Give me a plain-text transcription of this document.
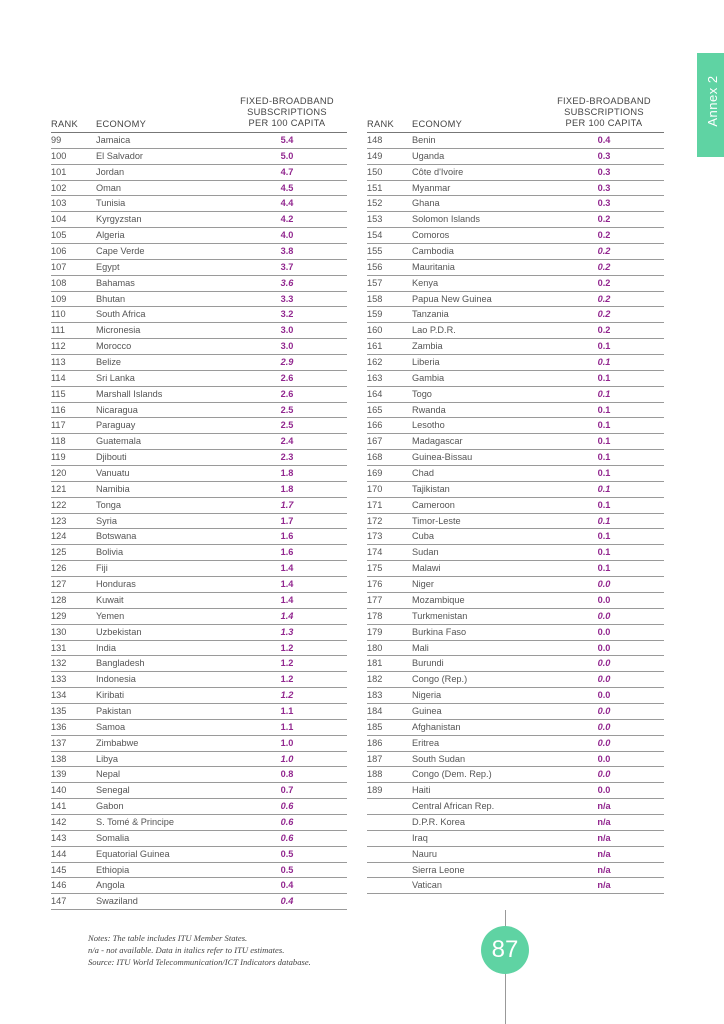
Annex 2
RANK ECONOMY
FIXED-BROADBAND
SUBSCRIPTIONS
PER 100 CAPITA
99	Jamaica	5.4
100	El Salvador	5.0
101	Jordan	4.7
102	Oman	4.5
103	Tunisia	4.4
104	Kyrgyzstan	4.2
105	Algeria	4.0
106	Cape Verde	3.8
107	Egypt	3.7
108	Bahamas	3.6
109	Bhutan	3.3
110	South Africa	3.2
111	Micronesia	3.0
112	Morocco	3.0
113	Belize	2.9
114	Sri Lanka	2.6
115	Marshall Islands	2.6
116	Nicaragua	2.5
117	Paraguay	2.5
118	Guatemala	2.4
119	Djibouti	2.3
120	Vanuatu	1.8
121	Namibia	1.8
122	Tonga	1.7
123	Syria	1.7
124	Botswana	1.6
125	Bolivia	1.6
126	Fiji	1.4
127	Honduras	1.4
128	Kuwait	1.4
129	Yemen	1.4
130	Uzbekistan	1.3
131	India	1.2
132	Bangladesh	1.2
133	Indonesia	1.2
134	Kiribati	1.2
135	Pakistan	1.1
136	Samoa	1.1
137	Zimbabwe	1.0
138	Libya	1.0
139	Nepal	0.8
140	Senegal	0.7
141	Gabon	0.6
142	S. Tomé & Principe	0.6
143	Somalia	0.6
144	Equatorial Guinea	0.5
145	Ethiopia	0.5
146	Angola	0.4
147	Swaziland	0.4
RANK ECONOMY
FIXED-BROADBAND
SUBSCRIPTIONS
PER 100 CAPITA
148	Benin	0.4
149	Uganda	0.3
150	Côte d'Ivoire	0.3
151	Myanmar	0.3
152	Ghana	0.3
153	Solomon Islands	0.2
154	Comoros	0.2
155	Cambodia	0.2
156	Mauritania	0.2
157	Kenya	0.2
158	Papua New Guinea	0.2
159	Tanzania	0.2
160	Lao P.D.R.	0.2
161	Zambia	0.1
162	Liberia	0.1
163	Gambia	0.1
164	Togo	0.1
165	Rwanda	0.1
166	Lesotho	0.1
167	Madagascar	0.1
168	Guinea-Bissau	0.1
169	Chad	0.1
170	Tajikistan	0.1
171	Cameroon	0.1
172	Timor-Leste	0.1
173	Cuba	0.1
174	Sudan	0.1
175	Malawi	0.1
176	Niger	0.0
177	Mozambique	0.0
178	Turkmenistan	0.0
179	Burkina Faso	0.0
180	Mali	0.0
181	Burundi	0.0
182	Congo (Rep.)	0.0
183	Nigeria	0.0
184	Guinea	0.0
185	Afghanistan	0.0
186	Eritrea	0.0
187	South Sudan	0.0
188	Congo (Dem. Rep.)	0.0
189	Haiti	0.0
Central African Rep.	n/a
D.P.R. Korea	n/a
Iraq	n/a
Nauru	n/a
Sierra Leone	n/a
Vatican	n/a
Notes: The table includes ITU Member States.
n/a - not available. Data in italics refer to ITU estimates.
Source: ITU World Telecommunication/ICT Indicators database.	87
